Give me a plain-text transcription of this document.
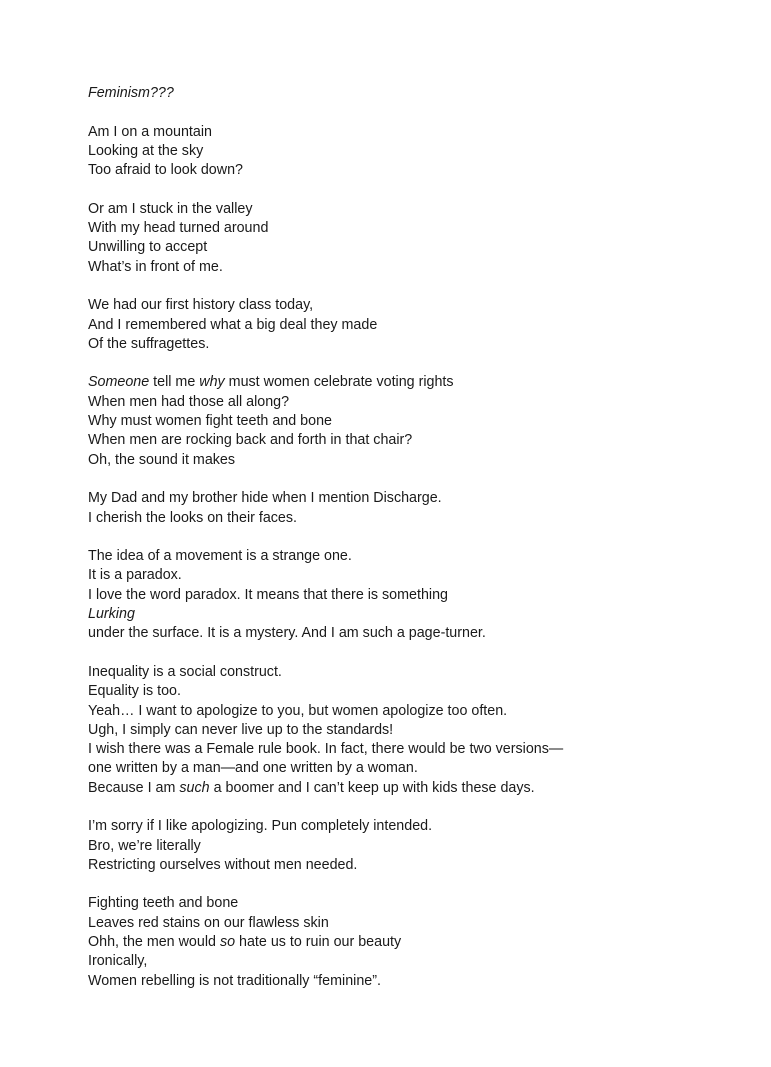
Feminism???
Am I on a mountain
Looking at the sky
Too afraid to look down?
Or am I stuck in the valley
With my head turned around
Unwilling to accept
What’s in front of me.
We had our first history class today,
And I remembered what a big deal they made
Of the suffragettes.
Someone tell me why must women celebrate voting rights
When men had those all along?
Why must women fight teeth and bone
When men are rocking back and forth in that chair?
Oh, the sound it makes
My Dad and my brother hide when I mention Discharge.
I cherish the looks on their faces.
The idea of a movement is a strange one.
It is a paradox.
I love the word paradox. It means that there is something
Lurking
under the surface. It is a mystery. And I am such a page-turner.
Inequality is a social construct.
Equality is too.
Yeah… I want to apologize to you, but women apologize too often.
Ugh, I simply can never live up to the standards!
I wish there was a Female rule book. In fact, there would be two versions—
one written by a man—and one written by a woman.
Because I am such a boomer and I can’t keep up with kids these days.
I’m sorry if I like apologizing. Pun completely intended.
Bro, we’re literally
Restricting ourselves without men needed.
Fighting teeth and bone
Leaves red stains on our flawless skin
Ohh, the men would so hate us to ruin our beauty
Ironically,
Women rebelling is not traditionally “feminine”.
